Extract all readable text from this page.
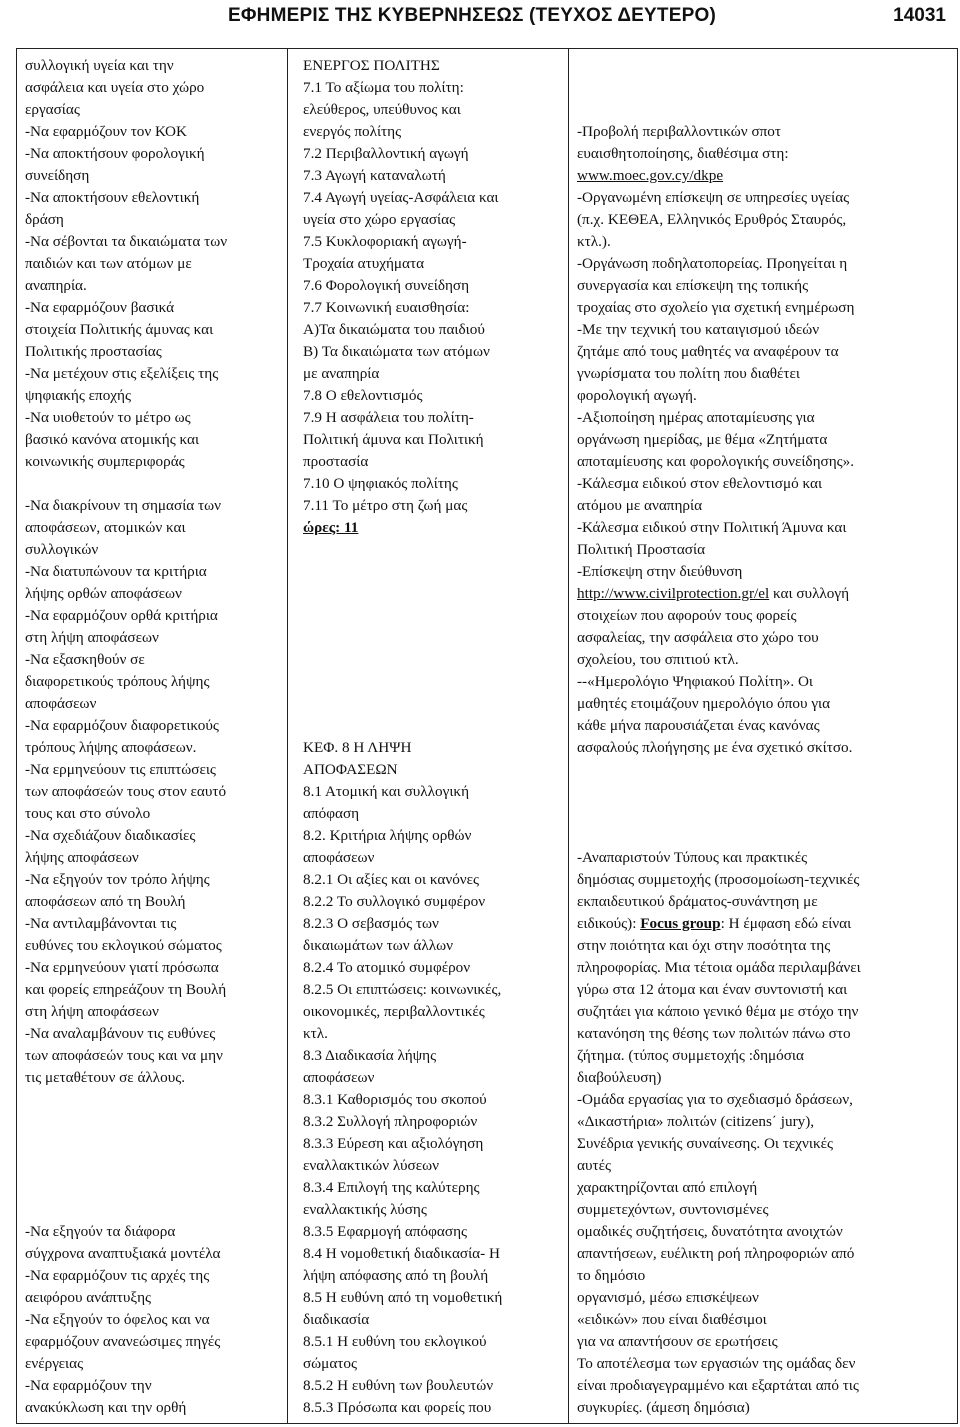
ΕΦΗΜΕΡΙΣ ΤΗΣ ΚΥΒΕΡΝΗΣΕΩΣ (ΤΕΥΧΟΣ ΔΕΥΤΕΡΟ)	14031
συλλογική υγεία και την
ασφάλεια και υγεία στο χώρο
εργασίας
-Να εφαρμόζουν τον ΚΟΚ
-Να αποκτήσουν φορολογική
συνείδηση
-Να αποκτήσουν εθελοντική
δράση
-Να σέβονται τα δικαιώματα των
παιδιών και των ατόμων με
αναπηρία.
-Να εφαρμόζουν βασικά
στοιχεία Πολιτικής άμυνας και
Πολιτικής προστασίας
-Να μετέχουν στις εξελίξεις της
ψηφιακής εποχής
-Να υιοθετούν το μέτρο ως
βασικό κανόνα ατομικής και
κοινωνικής συμπεριφοράς
-Να διακρίνουν τη σημασία των
αποφάσεων, ατομικών και
συλλογικών
-Να διατυπώνουν τα κριτήρια
λήψης ορθών αποφάσεων
-Να εφαρμόζουν ορθά κριτήρια
στη λήψη αποφάσεων
-Να εξασκηθούν σε
διαφορετικούς τρόπους λήψης
αποφάσεων
-Να εφαρμόζουν διαφορετικούς
τρόπους λήψης αποφάσεων.
-Να ερμηνεύουν τις επιπτώσεις
των αποφάσεών τους στον εαυτό
τους και στο σύνολο
-Να σχεδιάζουν διαδικασίες
λήψης αποφάσεων
-Να εξηγούν τον τρόπο λήψης
αποφάσεων από τη Βουλή
-Να αντιλαμβάνονται τις
ευθύνες του εκλογικού σώματος
-Να ερμηνεύουν γιατί πρόσωπα
και φορείς επηρεάζουν τη Βουλή
στη λήψη αποφάσεων
-Να αναλαμβάνουν τις ευθύνες
των αποφάσεών τους και να μην
τις μεταθέτουν σε άλλους.
-Να εξηγούν τα διάφορα
σύγχρονα αναπτυξιακά μοντέλα
-Να εφαρμόζουν τις αρχές της
αειφόρου ανάπτυξης
-Να εξηγούν το όφελος και να
εφαρμόζουν ανανεώσιμες πηγές
ενέργειας
-Να εφαρμόζουν την
ανακύκλωση και την ορθή
ΕΝΕΡΓΟΣ ΠΟΛΙΤΗΣ
7.1 Το αξίωμα του πολίτη:
ελεύθερος, υπεύθυνος και
ενεργός πολίτης
7.2 Περιβαλλοντική αγωγή
7.3 Αγωγή καταναλωτή
7.4 Αγωγή υγείας-Ασφάλεια και
υγεία στο χώρο εργασίας
7.5 Κυκλοφοριακή αγωγή-
Τροχαία ατυχήματα
7.6 Φορολογική συνείδηση
7.7 Κοινωνική ευαισθησία:
Α)Τα δικαιώματα του παιδιού
Β) Τα δικαιώματα των ατόμων
με αναπηρία
7.8 Ο εθελοντισμός
7.9 Η ασφάλεια του πολίτη-
Πολιτική άμυνα και Πολιτική
προστασία
7.10 Ο ψηφιακός πολίτης
7.11 Το μέτρο στη ζωή μας
ώρες: 11
ΚΕΦ. 8 Η ΛΗΨΗ
ΑΠΟΦΑΣΕΩΝ
8.1 Ατομική και συλλογική
απόφαση
8.2. Κριτήρια λήψης ορθών
αποφάσεων
8.2.1 Οι αξίες και οι κανόνες
8.2.2 Το συλλογικό συμφέρον
8.2.3 Ο σεβασμός των
δικαιωμάτων των άλλων
8.2.4 Το ατομικό συμφέρον
8.2.5 Οι επιπτώσεις: κοινωνικές,
οικονομικές, περιβαλλοντικές
κτλ.
8.3 Διαδικασία λήψης
αποφάσεων
8.3.1 Καθορισμός του σκοπού
8.3.2 Συλλογή πληροφοριών
8.3.3 Εύρεση και αξιολόγηση
εναλλακτικών λύσεων
8.3.4 Επιλογή της καλύτερης
εναλλακτικής λύσης
8.3.5 Εφαρμογή απόφασης
8.4 Η νομοθετική διαδικασία- Η
λήψη απόφασης από τη βουλή
8.5 Η ευθύνη από τη νομοθετική
διαδικασία
8.5.1 Η ευθύνη του εκλογικού
σώματος
8.5.2 Η ευθύνη των βουλευτών
8.5.3 Πρόσωπα και φορείς που
-Προβολή περιβαλλοντικών σποτ
ευαισθητοποίησης, διαθέσιμα στη:
www.moec.gov.cy/dkpe
-Οργανωμένη επίσκεψη σε υπηρεσίες υγείας
(π.χ. ΚΕΘΕΑ, Ελληνικός Ερυθρός Σταυρός,
κτλ.).
-Οργάνωση ποδηλατοπορείας. Προηγείται η
συνεργασία και επίσκεψη της τοπικής
τροχαίας στο σχολείο για σχετική ενημέρωση
-Με την τεχνική του καταιγισμού ιδεών
ζητάμε από τους μαθητές να αναφέρουν τα
γνωρίσματα του πολίτη που διαθέτει
φορολογική αγωγή.
-Αξιοποίηση ημέρας αποταμίευσης για
οργάνωση ημερίδας, με θέμα «Ζητήματα
αποταμίευσης και φορολογικής συνείδησης».
-Κάλεσμα ειδικού στον εθελοντισμό και
ατόμου με αναπηρία
-Κάλεσμα ειδικού στην Πολιτική Άμυνα και
Πολιτική Προστασία
-Επίσκεψη στην διεύθυνση
http://www.civilprotection.gr/el και συλλογή
στοιχείων που αφορούν τους φορείς
ασφαλείας, την ασφάλεια στο χώρο του
σχολείου, του σπιτιού κτλ.
--«Ημερολόγιο Ψηφιακού Πολίτη». Οι
μαθητές ετοιμάζουν ημερολόγιο όπου για
κάθε μήνα παρουσιάζεται ένας κανόνας
ασφαλούς πλοήγησης με ένα σχετικό σκίτσο.
-Αναπαριστούν Τύπους και πρακτικές
δημόσιας συμμετοχής (προσομοίωση-τεχνικές
εκπαιδευτικού δράματος-συνάντηση με
ειδικούς): Focus group: Η έμφαση εδώ είναι
στην ποιότητα και όχι στην ποσότητα της
πληροφορίας. Μια τέτοια ομάδα περιλαμβάνει
γύρω στα 12 άτομα και έναν συντονιστή και
συζητάει για κάποιο γενικό θέμα με στόχο την
κατανόηση της θέσης των πολιτών πάνω στο
ζήτημα. (τύπος συμμετοχής :δημόσια
διαβούλευση)
-Ομάδα εργασίας για το σχεδιασμό δράσεων,
«Δικαστήρια» πολιτών (citizens΄ jury),
Συνέδρια γενικής συναίνεσης. Οι τεχνικές
αυτές
χαρακτηρίζονται από επιλογή
συμμετεχόντων, συντονισμένες
ομαδικές συζητήσεις, δυνατότητα ανοιχτών
απαντήσεων, ευέλικτη ροή πληροφοριών από
το δημόσιο
οργανισμό, μέσω επισκέψεων
«ειδικών» που είναι διαθέσιμοι
για να απαντήσουν σε ερωτήσεις
Το αποτέλεσμα των εργασιών της ομάδας δεν
είναι προδιαγεγραμμένο και εξαρτάται από τις
συγκυρίες. (άμεση δημόσια)
